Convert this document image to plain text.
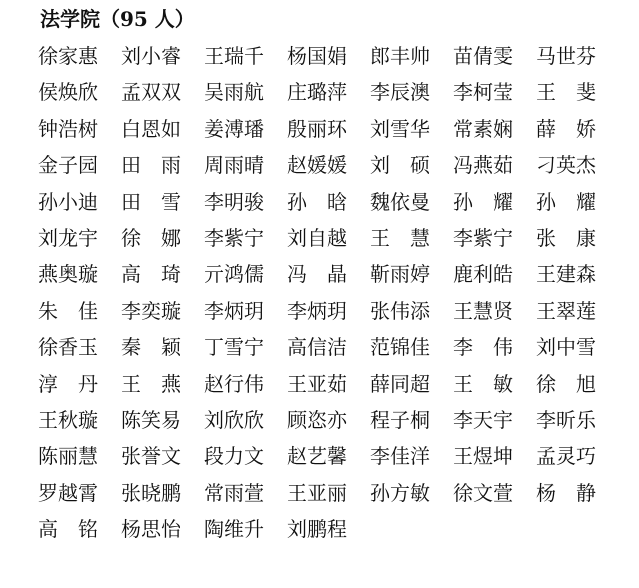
法学院（95 人）
徐家惠	刘小睿	王瑞千	杨国娟	郎丰帅	苗倩雯	马世芬
侯焕欣	孟双双	吴雨航	庄璐萍	李辰澳	李柯莹	王　斐
钟浩树	白恩如	姜溥璠	殷丽环	刘雪华	常素娴	薛　娇
金子园	田　雨	周雨晴	赵媛媛	刘　硕	冯燕茹	刁英杰
孙小迪	田　雪	李明骏	孙　晗	魏依曼	孙　耀	孙　耀
刘龙宇	徐　娜	李紫宁	刘自越	王　慧	李紫宁	张　康
燕奥璇	高　琦	亓鸿儒	冯　晶	靳雨婷	鹿利皓	王建森
朱　佳	李奕璇	李炳玥	李炳玥	张伟添	王慧贤	王翠莲
徐香玉	秦　颖	丁雪宁	高信洁	范锦佳	李　伟	刘中雪
淳　丹	王　燕	赵行伟	王亚茹	薛同超	王　敏	徐　旭
王秋璇	陈笑易	刘欣欣	顾恣亦	程子桐	李天宇	李昕乐
陈丽慧	张誉文	段力文	赵艺馨	李佳洋	王煜坤	孟灵巧
罗越霄	张晓鹏	常雨萱	王亚丽	孙方敏	徐文萱	杨　静
高　铭	杨思怡	陶维升	刘鹏程
